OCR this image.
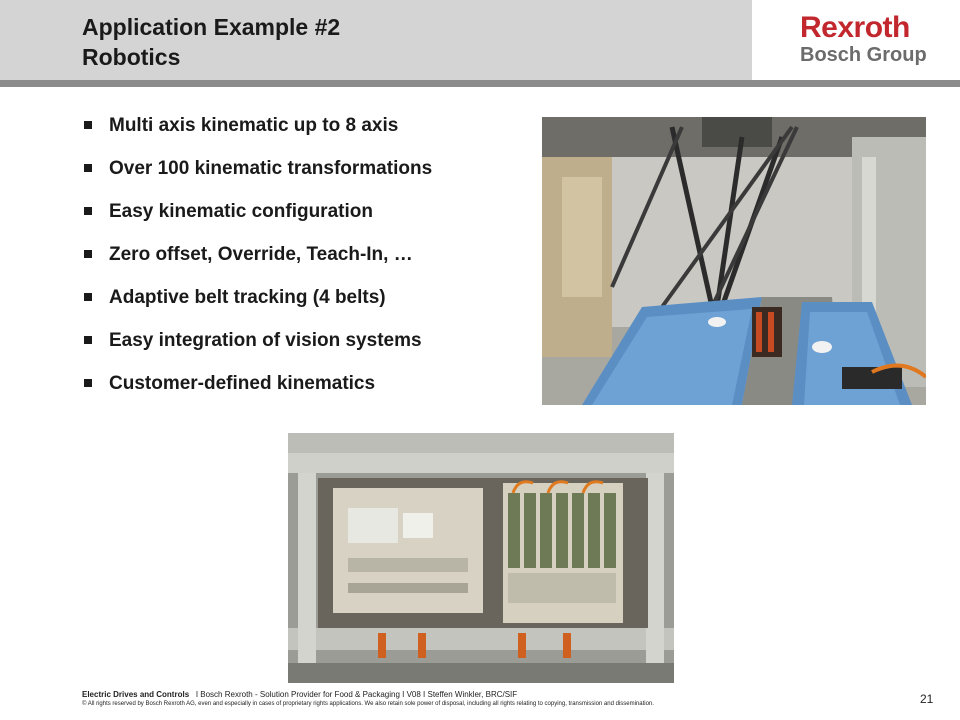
Application Example #2
Robotics
Rexroth
Bosch Group
Multi axis kinematic up to 8 axis
Over 100 kinematic transformations
Easy kinematic configuration
Zero offset, Override, Teach-In, …
Adaptive belt tracking (4 belts)
Easy integration of vision systems
Customer-defined kinematics
Electric Drives and Controls I Bosch Rexroth - Solution Provider for Food & Packaging I V08 I Steffen Winkler, BRC/SIF
© All rights reserved by Bosch Rexroth AG, even and especially in cases of proprietary rights applications. We also retain sole power of disposal, including all rights relating to copying, transmission and dissemination.	21
